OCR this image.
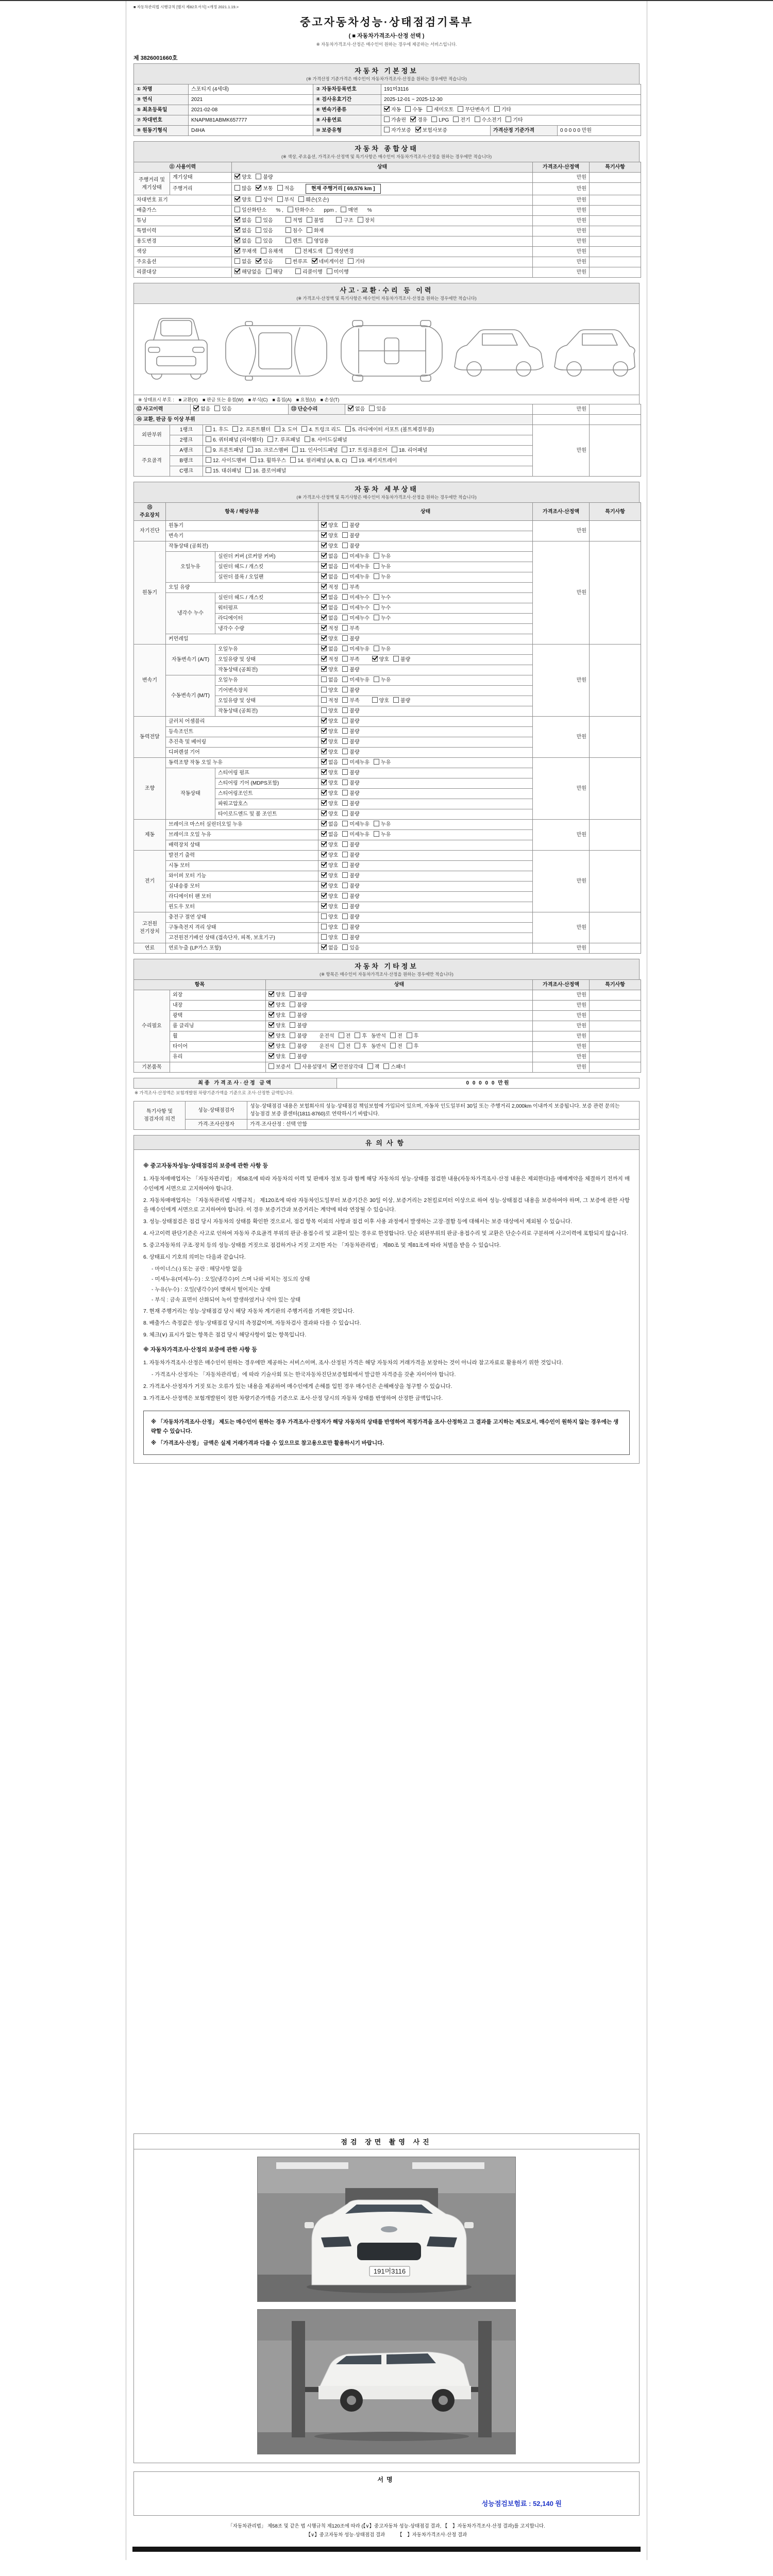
■ 자동차관리법 시행규칙 [별지 제82호서식] <개정 2021.1.19.>
중고자동차성능·상태점검기록부
( ■ 자동차가격조사·산정 선택 )
※ 자동차가격조사·산정은 매수인이 원하는 경우에 제공하는 서비스입니다.
제 3826001660호
자동차 기본정보
(※ 가격산정 기준가격은 매수인이 자동차가격조사·산정을 원하는 경우에만 적습니다)
① 차명	스포티지 (4세대)	② 자동차등록번호	191머3116		
③ 연식	2021	④ 검사유효기간	2025-12-01 ~ 2025-12-30		
⑤ 최초등록일	2021-02-08	⑥ 변속기종류	자동 수동 세미오토 무단변속기 기타		
⑦ 차대번호	KNAPM81ABMK657777	⑧ 사용연료	가솔린 경유 LPG 전기 수소전기 기타		
⑨ 원동기형식	D4HA	⑩ 보증유형	자가보증 보험사보증	가격산정 기준가격	0 0 0 0 0 만원
자동차 종합상태
(※ 색상, 주요옵션, 가격조사·산정액 및 특기사항은 매수인이 자동차가격조사·산정을 원하는 경우에만 적습니다)
⑪ 사용이력		상태	가격조사·산정액	특기사항
주행거리 및 계기상태	계기상태	양호 불량	만원	
	주행거리	많음 보통 적음 현재 주행거리 [ 69,576 km ]	만원	
차대번호 표기		양호 상이 부식 훼손(오손)	만원	
배출가스		일산화탄소　% , 탄화수소　ppm , 매연　%	만원	
튜닝		없음 있음 적법 불법 구조 장치	만원	
특별이력		없음 있음 침수 화재	만원	
용도변경		없음 있음 렌트 영업용	만원	
색상		무채색 유채색 전체도색 색상변경	만원	
주요옵션		없음 있음 썬루프 네비게이션 기타	만원	
리콜대상		해당없음 해당 리콜이행 미이행	만원	
사고·교환·수리 등 이력
(※ 가격조사·산정액 및 특기사항은 매수인이 자동차가격조사·산정을 원하는 경우에만 적습니다)
※ 상태표시 부호 :　■ 교환(X)　■ 판금 또는 용접(W)　■ 부식(C)　■ 흠집(A)　■ 요철(U)　■ 손상(T)
⑫ 사고이력	없음 있음	⑬ 단순수리	없음 있음	만원	
⑭ 교환, 판금 등 이상 부위				
외판부위	1랭크	1. 후드 2. 프론트휀더 3. 도어 4. 트렁크 리드 5. 라디에이터 서포트 (볼트체결부품)	만원	
	2랭크	6. 쿼터패널 (리어휀더) 7. 루프패널 8. 사이드실패널		
주요골격	A랭크	9. 프론트패널 10. 크로스멤버 11. 인사이드패널 17. 트렁크플로어 18. 리어패널		
	B랭크	12. 사이드멤버 13. 휠하우스 14. 필러패널 (A, B, C) 19. 패키지트레이		
	C랭크	15. 대쉬패널 16. 플로어패널		
자동차 세부상태
(※ 가격조사·산정액 및 특기사항은 매수인이 자동차가격조사·산정을 원하는 경우에만 적습니다)
⑮ 주요장치	항목 / 해당부품		상태	가격조사·산정액	특기사항
자기진단	원동기		양호 불량	만원	
	변속기		양호 불량		
원동기	작동상태 (공회전)		양호 불량	만원	
	오일누유	실린더 커버 (로커암 커버)	없음 미세누유 누유		
		실린더 헤드 / 개스킷	없음 미세누유 누유		
		실린더 블록 / 오일팬	없음 미세누유 누유		
	오일 유량		적정 부족		
	냉각수 누수	실린더 헤드 / 개스킷	없음 미세누수 누수		
		워터펌프	없음 미세누수 누수		
		라디에이터	없음 미세누수 누수		
		냉각수 수량	적정 부족		
	커먼레일		양호 불량		
변속기	자동변속기 (A/T)	오일누유	없음 미세누유 누유	만원	
		오일유량 및 상태	적정 부족 양호 불량		
		작동상태 (공회전)	양호 불량		
	수동변속기 (M/T)	오일누유	없음 미세누유 누유		
		기어변속장치	양호 불량		
		오일유량 및 상태	적정 부족 양호 불량		
		작동상태 (공회전)	양호 불량		
동력전달	클러치 어셈블리		양호 불량	만원	
	등속조인트		양호 불량		
	추진축 및 베어링		양호 불량		
	디퍼렌셜 기어		양호 불량		
조향	동력조향 작동 오일 누유		없음 미세누유 누유	만원	
	작동상태	스티어링 펌프	양호 불량		
		스티어링 기어 (MDPS포함)	양호 불량		
		스티어링조인트	양호 불량		
		파워고압호스	양호 불량		
		타이로드엔드 및 볼 조인트	양호 불량		
제동	브레이크 마스터 실린더오일 누유		없음 미세누유 누유	만원	
	브레이크 오일 누유		없음 미세누유 누유		
	배력장치 상태		양호 불량		
전기	발전기 출력		양호 불량	만원	
	시동 모터		양호 불량		
	와이퍼 모터 기능		양호 불량		
	실내송풍 모터		양호 불량		
	라디에이터 팬 모터		양호 불량		
	윈도우 모터		양호 불량		
고전원 전기장치	충전구 절연 상태		양호 불량	만원	
	구동축전지 격리 상태		양호 불량		
	고전원전기배선 상태 (접속단자, 피복, 보호기구)		양호 불량		
연료	연료누출 (LP가스 포함)		없음 있음	만원	
자동차 기타정보
(※ 항목은 매수인이 자동차가격조사·산정을 원하는 경우에만 적습니다)
항목		상태	가격조사·산정액	특기사항
수리필요	외장	양호 불량	만원	
	내장	양호 불량	만원	
	광택	양호 불량	만원	
	룸 클리닝	양호 불량	만원	
	휠	양호 불량 운전석 전 후 동반석 전 후	만원	
	타이어	양호 불량 운전석 전 후 동반석 전 후	만원	
	유리	양호 불량	만원	
기본품목		보증서 사용설명서 안전삼각대 잭 스패너	만원	
최종 가격조사·산정 금액	0 0 0 0 0 만원
※ 가격조사·산정액은 보험개발원 차량기준가액을 기준으로 조사·산정한 금액입니다.
특기사항 및 점검자의 의견	성능·상태점검자	성능·상태점검 내용은 보험회사의 성능·상태점검 책임보험에 가입되어 있으며, 자동차 인도일부터 30일 또는 주행거리 2,000km 이내까지 보증됩니다. 보증 관련 문의는 성능점검 보증 콜센터(1811-8760)로 연락하시기 바랍니다.
	가격·조사산정자	가격·조사산정 : 선택 안함
유의사항
※ 중고자동차성능·상태점검의 보증에 관한 사항 등
1. 자동차매매업자는 「자동차관리법」 제58조에 따라 자동차의 이력 및 판매자 정보 등과 함께 해당 자동차의 성능·상태를 점검한 내용(자동차가격조사·산정 내용은 제외한다)을 매매계약을 체결하기 전까지 매수인에게 서면으로 고지하여야 합니다.
2. 자동차매매업자는 「자동차관리법 시행규칙」 제120조에 따라 자동차인도일부터 보증기간은 30일 이상, 보증거리는 2천킬로미터 이상으로 하여 성능·상태점검 내용을 보증하여야 하며, 그 보증에 관한 사항을 매수인에게 서면으로 고지하여야 합니다. 이 경우 보증기간과 보증거리는 계약에 따라 연장될 수 있습니다.
3. 성능·상태점검은 점검 당시 자동차의 상태를 확인한 것으로서, 점검 항목 이외의 사항과 점검 이후 사용 과정에서 발생하는 고장·결함 등에 대해서는 보증 대상에서 제외될 수 있습니다.
4. 사고이력 판단기준은 사고로 인하여 자동차 주요골격 부위의 판금·용접수리 및 교환이 있는 경우로 한정합니다. 단순 외판부위의 판금·용접수리 및 교환은 단순수리로 구분하며 사고이력에 포함되지 않습니다.
5. 중고자동차의 구조·장치 등의 성능·상태를 거짓으로 점검하거나 거짓 고지한 자는 「자동차관리법」 제80조 및 제81조에 따라 처벌을 받을 수 있습니다.
6. 상태표시 기호의 의미는 다음과 같습니다.
- 마이너스(-) 또는 공란 : 해당사항 없음
- 미세누유(미세누수) : 오일(냉각수)이 스며 나와 비치는 정도의 상태
- 누유(누수) : 오일(냉각수)이 맺혀서 떨어지는 상태
- 부식 : 금속 표면이 산화되어 녹이 발생하였거나 삭아 있는 상태
7. 현재 주행거리는 성능·상태점검 당시 해당 자동차 계기판의 주행거리를 기재한 것입니다.
8. 배출가스 측정값은 성능·상태점검 당시의 측정값이며, 자동차검사 결과와 다를 수 있습니다.
9. 체크(∨) 표시가 없는 항목은 점검 당시 해당사항이 없는 항목입니다.
※ 자동차가격조사·산정의 보증에 관한 사항 등
1. 자동차가격조사·산정은 매수인이 원하는 경우에만 제공하는 서비스이며, 조사·산정된 가격은 해당 자동차의 거래가격을 보장하는 것이 아니라 참고자료로 활용하기 위한 것입니다.
- 가격조사·산정자는 「자동차관리법」에 따라 기술사회 또는 한국자동차진단보증협회에서 발급한 자격증을 갖춘 자이어야 합니다.
2. 가격조사·산정자가 거짓 또는 오류가 있는 내용을 제공하여 매수인에게 손해를 입힌 경우 매수인은 손해배상을 청구할 수 있습니다.
3. 가격조사·산정액은 보험개발원이 정한 차량기준가액을 기준으로 조사·산정 당시의 자동차 상태를 반영하여 산정한 금액입니다.

※ 「자동차가격조사·산정」 제도는 매수인이 원하는 경우 가격조사·산정자가 해당 자동차의 상태를 반영하여 적정가격을 조사·산정하고 그 결과를 고지하는 제도로서, 매수인이 원하지 않는 경우에는 생략할 수 있습니다.

※ 「가격조사·산정」 금액은 실제 거래가격과 다를 수 있으므로 참고용으로만 활용하시기 바랍니다.

점검 장면 촬영 사진
191머3116
서명
성능점검보험료 : 52,140 원
「자동차관리법」 제58조 및 같은 법 시행규칙 제120조에 따라 (【∨】중고자동차 성능·상태점검 결과, 【　】자동차가격조사·산정 결과)를 고지합니다.
【∨】중고자동차 성능·상태점검 결과　　　【　】자동차가격조사·산정 결과
